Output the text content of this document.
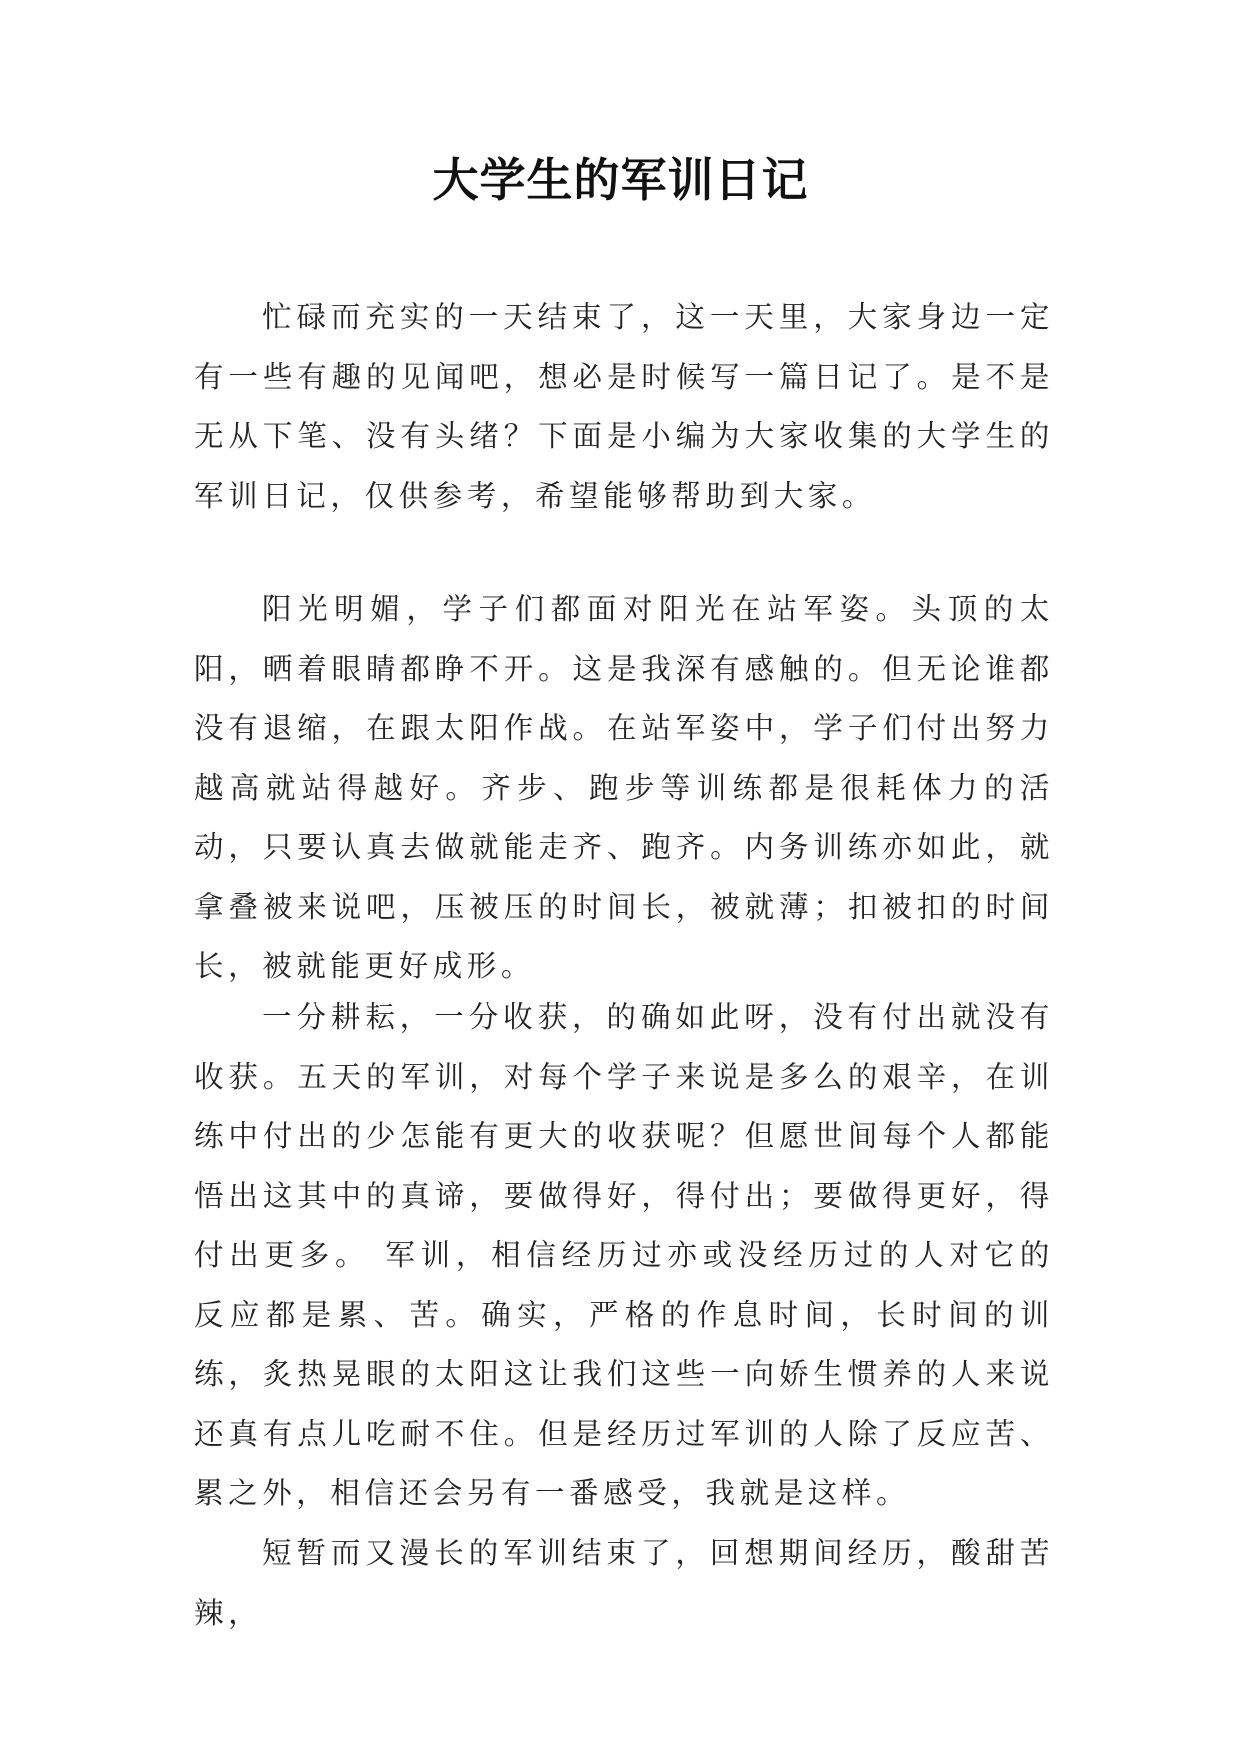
大学生的军训日记

忙碌而充实的一天结束了，这一天里，大家身边一定有一些有趣的见闻吧，想必是时候写一篇日记了。是不是无从下笔、没有头绪？下面是小编为大家收集的大学生的军训日记，仅供参考，希望能够帮助到大家。

阳光明媚，学子们都面对阳光在站军姿。头顶的太阳，晒着眼睛都睁不开。这是我深有感触的。但无论谁都没有退缩，在跟太阳作战。在站军姿中，学子们付出努力越高就站得越好。齐步、跑步等训练都是很耗体力的活动，只要认真去做就能走齐、跑齐。内务训练亦如此，就拿叠被来说吧，压被压的时间长，被就薄；扣被扣的时间长，被就能更好成形。

一分耕耘，一分收获，的确如此呀，没有付出就没有收获。五天的军训，对每个学子来说是多么的艰辛，在训练中付出的少怎能有更大的收获呢？但愿世间每个人都能悟出这其中的真谛，要做得好，得付出；要做得更好，得付出更多。 军训，相信经历过亦或没经历过的人对它的反应都是累、苦。确实，严格的作息时间，长时间的训练，炙热晃眼的太阳这让我们这些一向娇生惯养的人来说还真有点儿吃耐不住。但是经历过军训的人除了反应苦、累之外，相信还会另有一番感受，我就是这样。

短暂而又漫长的军训结束了，回想期间经历，酸甜苦辣，
